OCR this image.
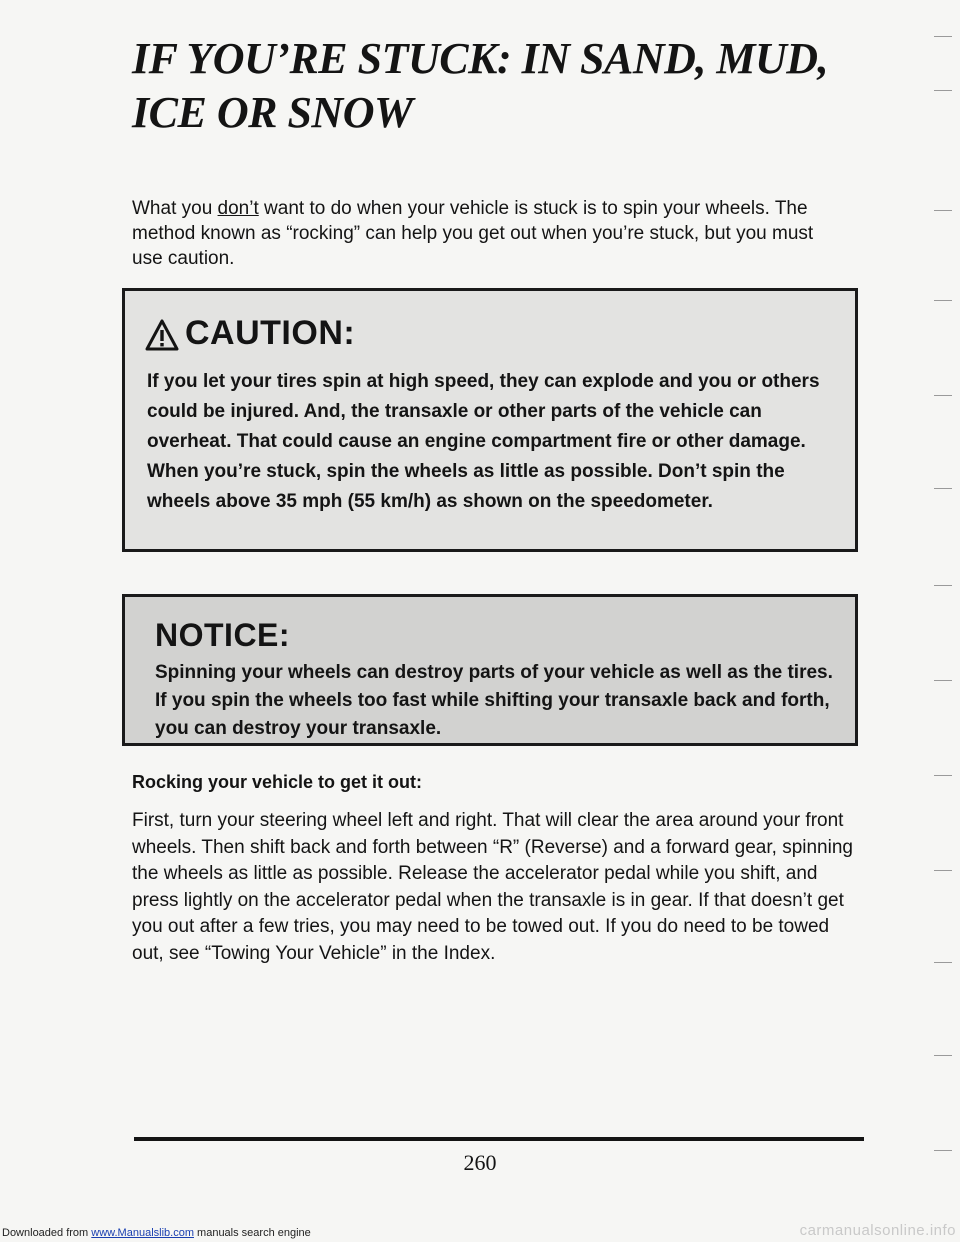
IF YOU’RE STUCK: IN SAND, MUD, ICE OR SNOW

What you don’t want to do when your vehicle is stuck is to spin your wheels. The method known as “rocking” can help you get out when you’re stuck, but you must use caution.

CAUTION:

If you let your tires spin at high speed, they can explode and you or others could be injured. And, the transaxle or other parts of the vehicle can overheat. That could cause an engine compartment fire or other damage. When you’re stuck, spin the wheels as little as possible. Don’t spin the wheels above 35 mph (55 km/h) as shown on the speedometer.

NOTICE:

Spinning your wheels can destroy parts of your vehicle as well as the tires. If you spin the wheels too fast while shifting your transaxle back and forth, you can destroy your transaxle.

Rocking your vehicle to get it out:

First, turn your steering wheel left and right. That will clear the area around your front wheels. Then shift back and forth between “R” (Reverse) and a forward gear, spinning the wheels as little as possible. Release the accelerator pedal while you shift, and press lightly on the accelerator pedal when the transaxle is in gear. If that doesn’t get you out after a few tries, you may need to be towed out. If you do need to be towed out, see “Towing Your Vehicle” in the Index.

260
Downloaded from www.Manualslib.com manuals search engine	carmanualsonline.info
